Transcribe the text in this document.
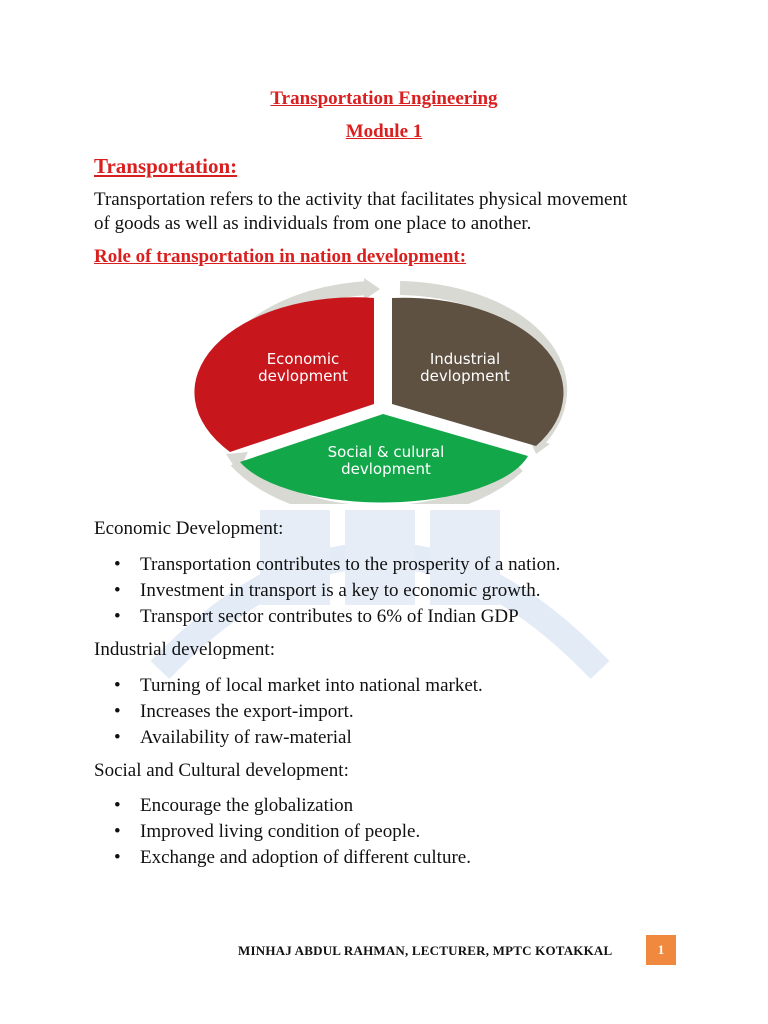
Transportation Engineering
Module 1
Transportation:
Transportation refers to the activity that facilitates physical movement
of goods as well as individuals from one place to another.
Role of transportation in nation development:
Economic
devlopment
Industrial
devlopment
Social & culural
devlopment
Economic Development:
• Transportation contributes to the prosperity of a nation.
• Investment in transport is a key to economic growth.
• Transport sector contributes to 6% of Indian GDP
Industrial development:
• Turning of local market into national market.
• Increases the export-import.
• Availability of raw-material
Social and Cultural development:
• Encourage the globalization
• Improved living condition of people.
• Exchange and adoption of different culture.
MINHAJ ABDUL RAHMAN, LECTURER, MPTC KOTAKKAL	1
